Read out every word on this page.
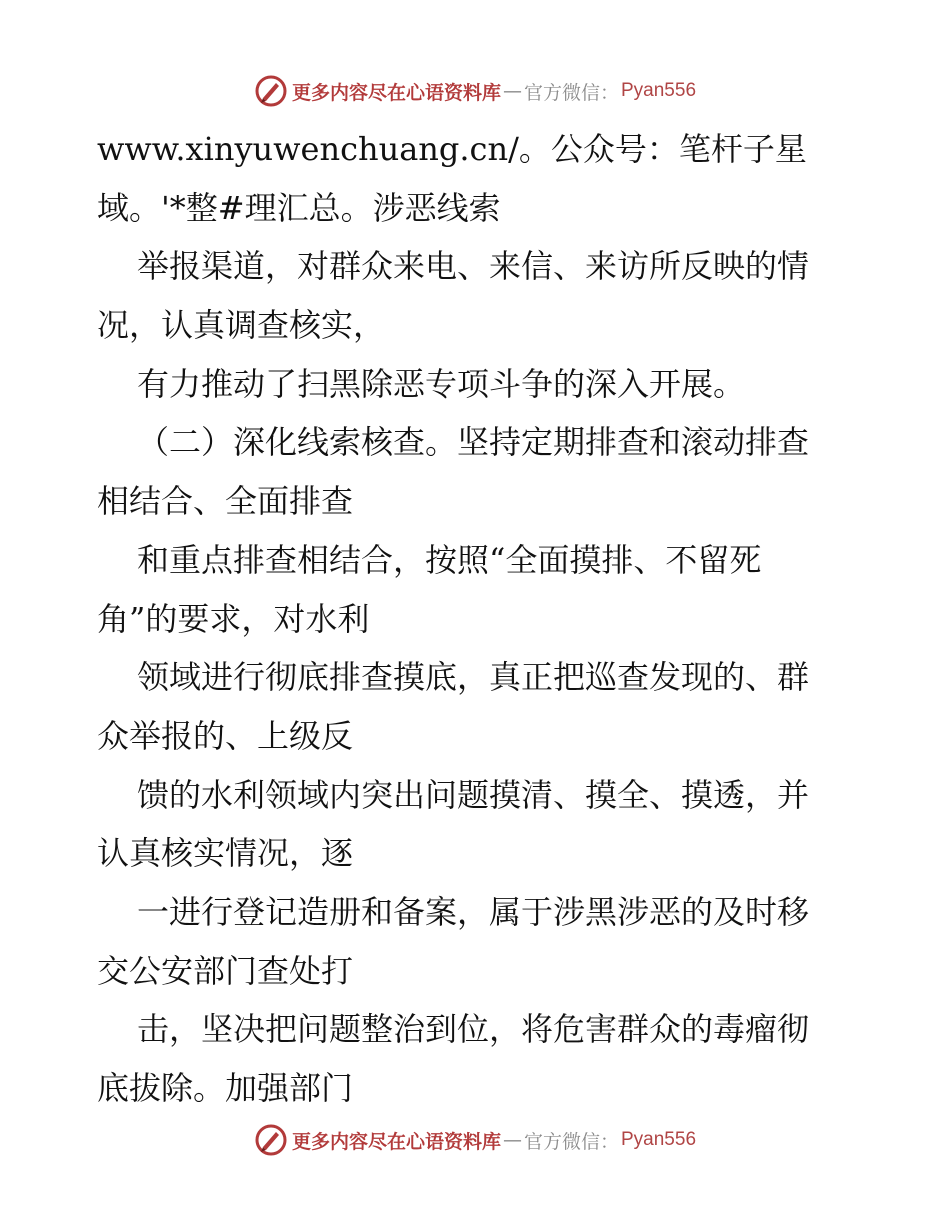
更多内容尽在心语资料库 — 官方微信： Pyan556
www.xinyuwenchuang.cn/。公众号：笔杆子星
域。'*整#理汇总。涉恶线索
举报渠道，对群众来电、来信、来访所反映的情
况，认真调查核实，
有力推动了扫黑除恶专项斗争的深入开展。
（二）深化线索核查。坚持定期排查和滚动排查
相结合、全面排查
和重点排查相结合，按照“全面摸排、不留死
角”的要求，对水利
领域进行彻底排查摸底，真正把巡查发现的、群
众举报的、上级反
馈的水利领域内突出问题摸清、摸全、摸透，并
认真核实情况，逐
一进行登记造册和备案，属于涉黑涉恶的及时移
交公安部门查处打
击，坚决把问题整治到位，将危害群众的毒瘤彻
底拔除。加强部门
更多内容尽在心语资料库 — 官方微信： Pyan556
